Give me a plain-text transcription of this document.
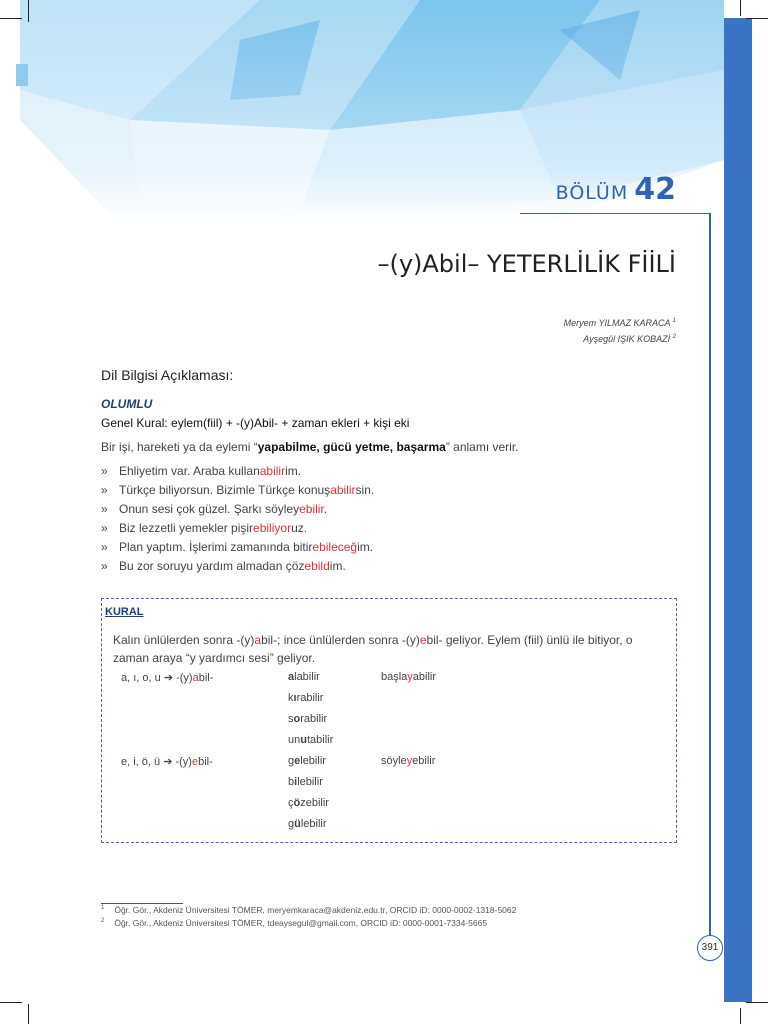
BÖLÜM 42
–(y)Abil– YETERLİLİK FİİLİ
Meryem YILMAZ KARACA $^1$
Ayşegül IŞIK KOBAZİ $^2$
Dil Bilgisi Açıklaması:
OLUMLU
Genel Kural: eylem(fiil) + -(y)Abil- + zaman ekleri + kişi eki
Bir işi, hareketi ya da eylemi “yapabilme, gücü yetme, başarma” anlamı verir.
» Ehliyetim var. Araba kullanabilirim.
» Türkçe biliyorsun. Bizimle Türkçe konuşabilirsin.
» Onun sesi çok güzel. Şarkı söyleyebilir.
» Biz lezzetli yemekler pişirebiliyoruz.
» Plan yaptım. İşlerimi zamanında bitirebileceğim.
» Bu zor soruyu yardım almadan çözebildim.
KURAL
Kalın ünlülerden sonra -(y)abil-; ince ünlülerden sonra -(y)ebil- geliyor. Eylem (fiil) ünlü ile bitiyor, o zaman araya “y yardımcı sesi” geliyor.
a, ı, o, u ➔ -(y)abil-	alabilir
kırabilir
sorabilir
unutabilir
başlayabilir
e, i, ö, ü ➔ -(y)ebil-	gelebilir
bilebilir
çözebilir
gülebilir
söyleyebilir
$^1$ Öğr. Gör., Akdeniz Üniversitesi TÖMER, meryemkaraca@akdeniz.edu.tr, ORCID iD: 0000-0002-1318-5062
$^2$ Öğr. Gör., Akdeniz Üniversitesi TÖMER, tdeaysegul@gmail.com, ORCID iD: 0000-0001-7334-5665
391
